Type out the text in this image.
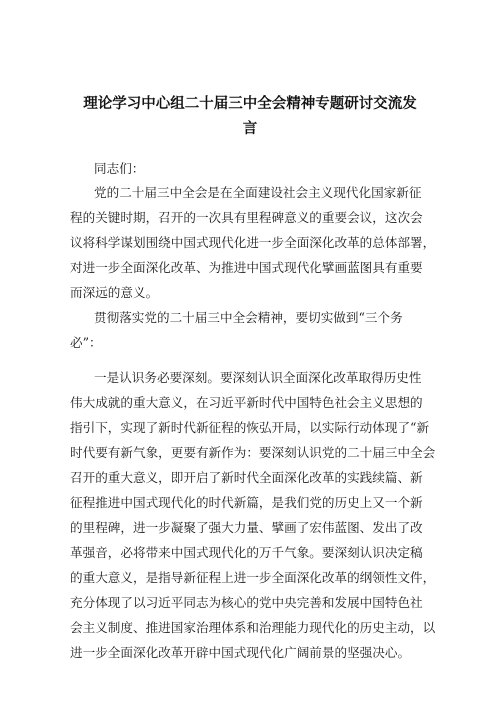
理论学习中心组二十届三中全会精神专题研讨交流发
言
同志们：
党的二十届三中全会是在全面建设社会主义现代化国家新征
程的关键时期，召开的一次具有里程碑意义的重要会议，这次会
议将科学谋划围绕中国式现代化进一步全面深化改革的总体部署，
对进一步全面深化改革、为推进中国式现代化擘画蓝图具有重要
而深远的意义。
贯彻落实党的二十届三中全会精神，要切实做到“三个务
必”：
一是认识务必要深刻。要深刻认识全面深化改革取得历史性
伟大成就的重大意义，在习近平新时代中国特色社会主义思想的
指引下，实现了新时代新征程的恢弘开局，以实际行动体现了“新
时代要有新气象，更要有新作为：要深刻认识党的二十届三中全会
召开的重大意义，即开启了新时代全面深化改革的实践续篇、新
征程推进中国式现代化的时代新篇，是我们党的历史上又一个新
的里程碑，进一步凝聚了强大力量、擘画了宏伟蓝图、发出了改
革强音，必将带来中国式现代化的万千气象。要深刻认识决定稿
的重大意义，是指导新征程上进一步全面深化改革的纲领性文件，
充分体现了以习近平同志为核心的党中央完善和发展中国特色社
会主义制度、推进国家治理体系和治理能力现代化的历史主动，以
进一步全面深化改革开辟中国式现代化广阔前景的坚强决心。
